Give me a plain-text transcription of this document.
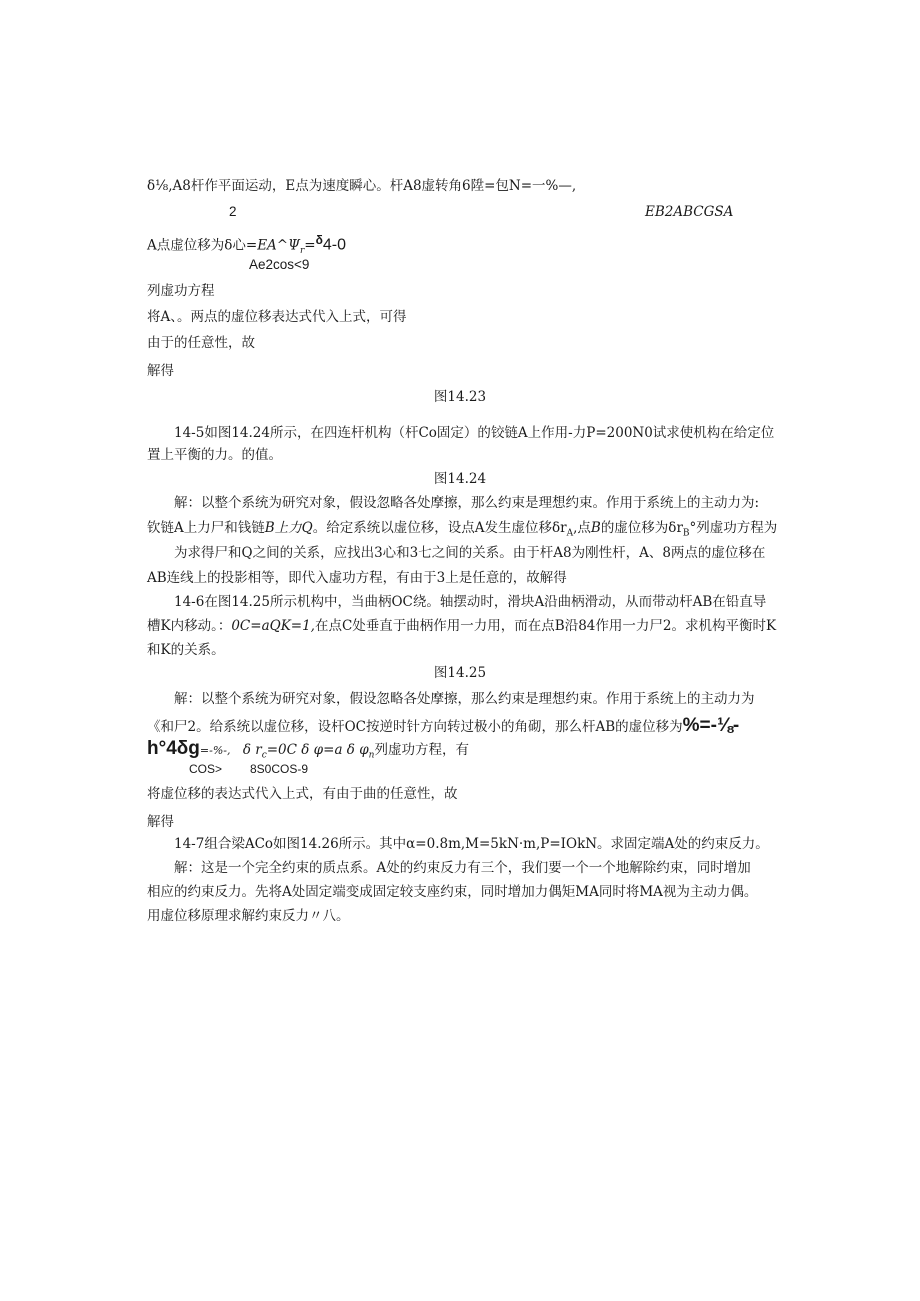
δ⅛,A8杆作平面运动，E点为速度瞬心。杆A8虚转角6陞=包N=一%—,
2	EB2ABCGSA
A点虚位移为δ心$=EA\^{}\Psi_r=^\delta 4-0$
Ae2cos<9
列虚功方程
将A、。两点的虚位移表达式代入上式，可得
由于的任意性，故
解得
图14.23
14-5如图14.24所示，在四连杆机构（杆Co固定）的铰链A上作用-力P=200N0试求使机构在给定位
置上平衡的力。的值。
图14.24
解：以整个系统为研究对象，假设忽略各处摩擦，那么约束是理想约束。作用于系统上的主动力为:
钦链A上力尸和钱链B上力Q。给定系统以虚位移，设点A发生虚位移$\delta r_A$,点B的虚位移为$\delta r_B^\circ$列虚功方程为
为求得尸和Q之间的关系，应找出3心和3七之间的关系。由于杆A8为刚性杆，A、8两点的虚位移在
AB连线上的投影相等，即代入虚功方程，有由于3上是任意的，故解得
14-6在图14.25所示机构中，当曲柄OC绕。轴摆动时，滑块A沿曲柄滑动，从而带动杆AB在铅直导
槽K内移动。：0C=aQK=1,在点C处垂直于曲柄作用一力用，而在点B沿84作用一力尸2。求机构平衡时K
和K的关系。
图14.25
解：以整个系统为研究对象，假设忽略各处摩擦，那么约束是理想约束。作用于系统上的主动力为
《和尸2。给系统以虚位移，设杆OC按逆时针方向转过极小的角砌，那么杆AB的虚位移为%=-⅛-
h°4δg=-%-, δ $r_c=0C$ δ φ=a δ $\varphi_n$列虚功方程，有
COS> 8S0COS-9
将虚位移的表达式代入上式，有由于曲的任意性，故
解得
14-7组合梁ACo如图14.26所示。其中α=0.8m,M=5kN·m,P=IOkN。求固定端A处的约束反力。
解：这是一个完全约束的质点系。A处的约束反力有三个，我们要一个一个地解除约束，同时增加
相应的约束反力。先将A处固定端变成固定较支座约束，同时增加力偶矩MA同时将MA视为主动力偶。
用虚位移原理求解约束反力〃八。
